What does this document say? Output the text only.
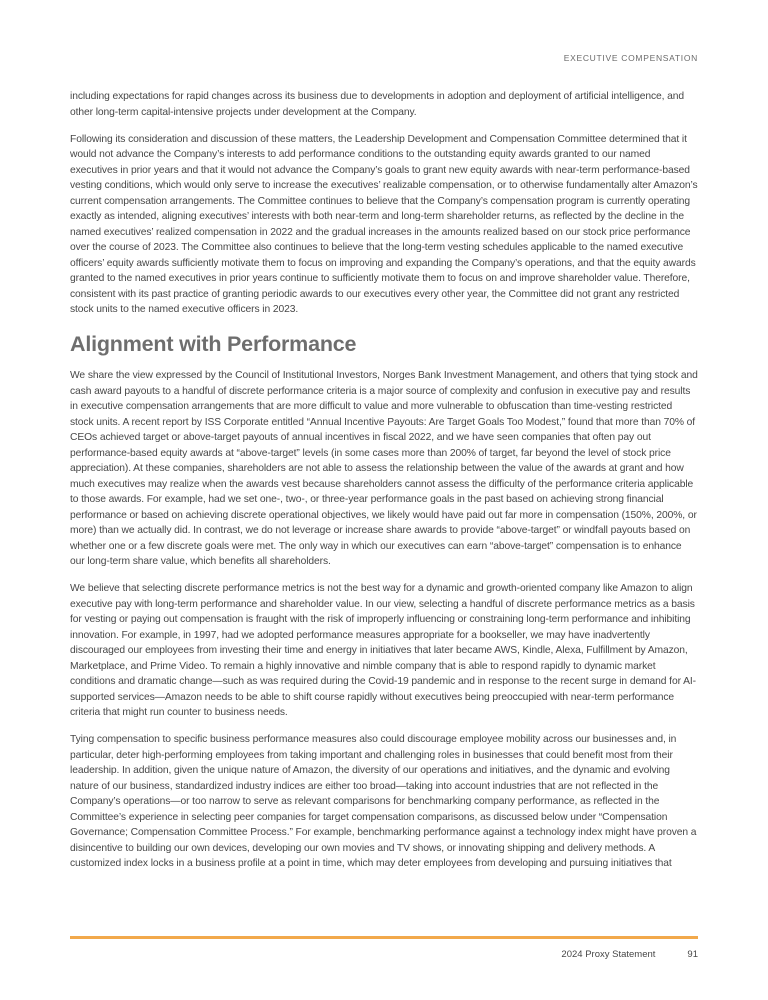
EXECUTIVE COMPENSATION

including expectations for rapid changes across its business due to developments in adoption and deployment of artificial intelligence, and other long-term capital-intensive projects under development at the Company.

Following its consideration and discussion of these matters, the Leadership Development and Compensation Committee determined that it would not advance the Company’s interests to add performance conditions to the outstanding equity awards granted to our named executives in prior years and that it would not advance the Company’s goals to grant new equity awards with near-term performance-based vesting conditions, which would only serve to increase the executives’ realizable compensation, or to otherwise fundamentally alter Amazon’s current compensation arrangements. The Committee continues to believe that the Company’s compensation program is currently operating exactly as intended, aligning executives’ interests with both near-term and long-term shareholder returns, as reflected by the decline in the named executives’ realized compensation in 2022 and the gradual increases in the amounts realized based on our stock price performance over the course of 2023. The Committee also continues to believe that the long-term vesting schedules applicable to the named executive officers’ equity awards sufficiently motivate them to focus on improving and expanding the Company’s operations, and that the equity awards granted to the named executives in prior years continue to sufficiently motivate them to focus on and improve shareholder value. Therefore, consistent with its past practice of granting periodic awards to our executives every other year, the Committee did not grant any restricted stock units to the named executive officers in 2023.

Alignment with Performance

We share the view expressed by the Council of Institutional Investors, Norges Bank Investment Management, and others that tying stock and cash award payouts to a handful of discrete performance criteria is a major source of complexity and confusion in executive pay and results in executive compensation arrangements that are more difficult to value and more vulnerable to obfuscation than time-vesting restricted stock units. A recent report by ISS Corporate entitled “Annual Incentive Payouts: Are Target Goals Too Modest,” found that more than 70% of CEOs achieved target or above-target payouts of annual incentives in fiscal 2022, and we have seen companies that often pay out performance-based equity awards at “above-target” levels (in some cases more than 200% of target, far beyond the level of stock price appreciation). At these companies, shareholders are not able to assess the relationship between the value of the awards at grant and how much executives may realize when the awards vest because shareholders cannot assess the difficulty of the performance criteria applicable to those awards. For example, had we set one-, two-, or three-year performance goals in the past based on achieving strong financial performance or based on achieving discrete operational objectives, we likely would have paid out far more in compensation (150%, 200%, or more) than we actually did. In contrast, we do not leverage or increase share awards to provide “above-target” or windfall payouts based on whether one or a few discrete goals were met. The only way in which our executives can earn “above-target” compensation is to enhance our long-term share value, which benefits all shareholders.

We believe that selecting discrete performance metrics is not the best way for a dynamic and growth-oriented company like Amazon to align executive pay with long-term performance and shareholder value. In our view, selecting a handful of discrete performance metrics as a basis for vesting or paying out compensation is fraught with the risk of improperly influencing or constraining long-term performance and inhibiting innovation. For example, in 1997, had we adopted performance measures appropriate for a bookseller, we may have inadvertently discouraged our employees from investing their time and energy in initiatives that later became AWS, Kindle, Alexa, Fulfillment by Amazon, Marketplace, and Prime Video. To remain a highly innovative and nimble company that is able to respond rapidly to dynamic market conditions and dramatic change—such as was required during the Covid-19 pandemic and in response to the recent surge in demand for AI-supported services—Amazon needs to be able to shift course rapidly without executives being preoccupied with near-term performance criteria that might run counter to business needs.

Tying compensation to specific business performance measures also could discourage employee mobility across our businesses and, in particular, deter high-performing employees from taking important and challenging roles in businesses that could benefit most from their leadership. In addition, given the unique nature of Amazon, the diversity of our operations and initiatives, and the dynamic and evolving nature of our business, standardized industry indices are either too broad—taking into account industries that are not reflected in the Company’s operations—or too narrow to serve as relevant comparisons for benchmarking company performance, as reflected in the Committee’s experience in selecting peer companies for target compensation comparisons, as discussed below under “Compensation Governance; Compensation Committee Process.” For example, benchmarking performance against a technology index might have proven a disincentive to building our own devices, developing our own movies and TV shows, or innovating shipping and delivery methods. A customized index locks in a business profile at a point in time, which may deter employees from developing and pursuing initiatives that

2024 Proxy Statement	91
